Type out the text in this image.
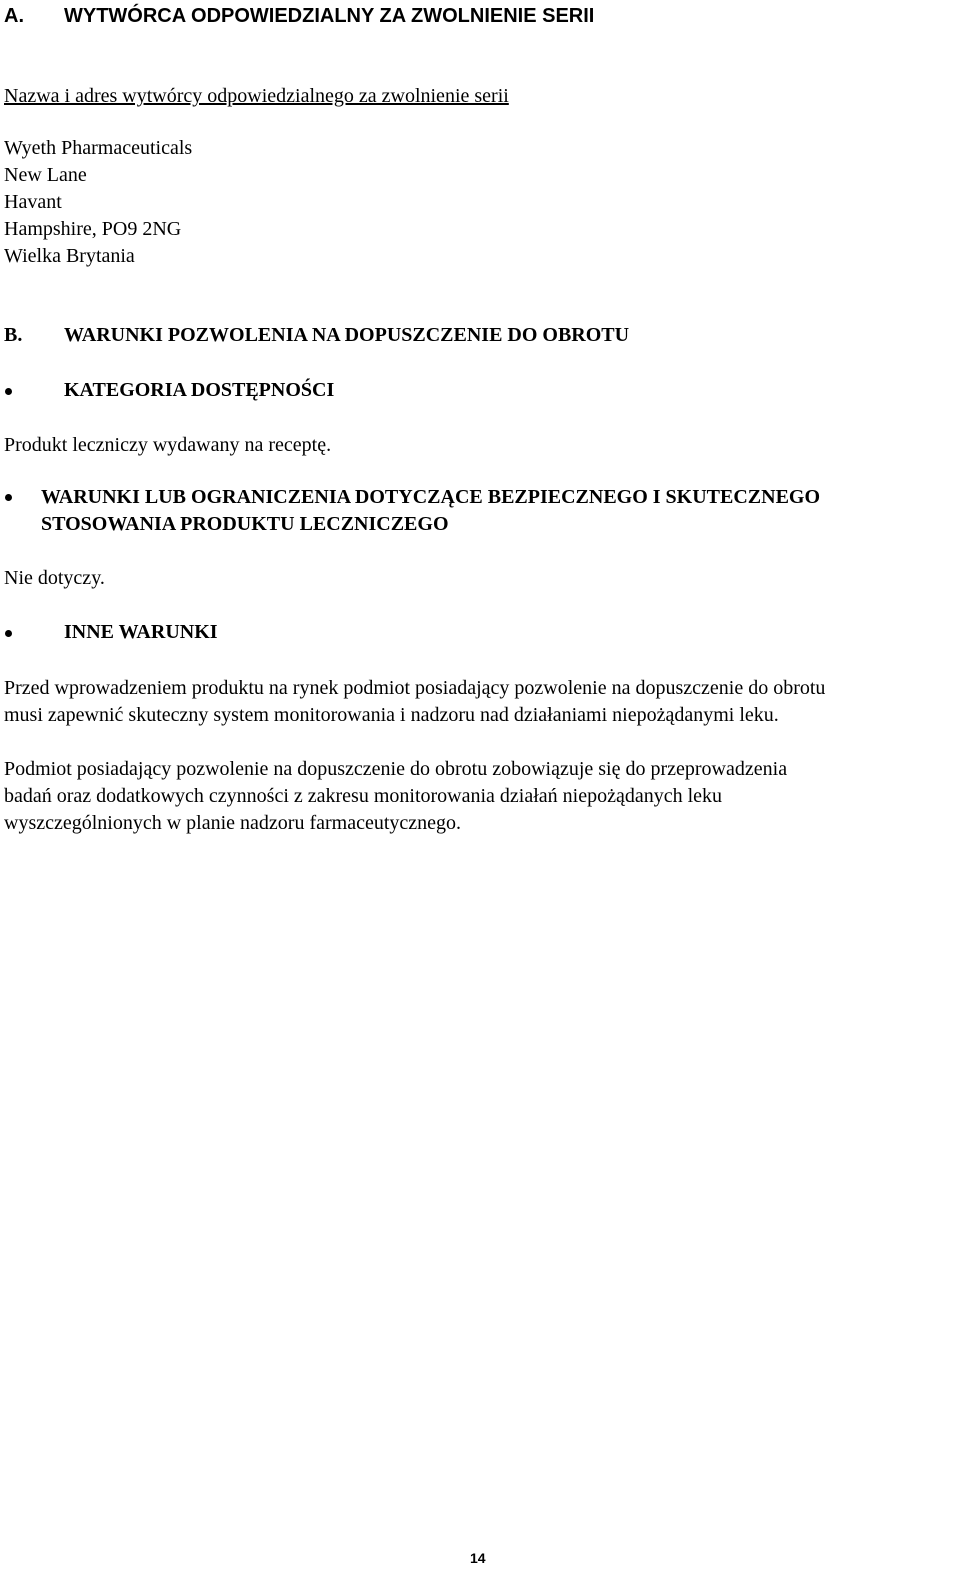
A. WYTWÓRCA ODPOWIEDZIALNY ZA ZWOLNIENIE SERII
Nazwa i adres wytwórcy odpowiedzialnego za zwolnienie serii
Wyeth Pharmaceuticals
New Lane
Havant
Hampshire, PO9 2NG
Wielka Brytania
B. WARUNKI POZWOLENIA NA DOPUSZCZENIE DO OBROTU
KATEGORIA DOSTĘPNOŚCI
Produkt leczniczy wydawany na receptę.
WARUNKI LUB OGRANICZENIA DOTYCZĄCE BEZPIECZNEGO I SKUTECZNEGO
STOSOWANIA PRODUKTU LECZNICZEGO
Nie dotyczy.
INNE WARUNKI
Przed wprowadzeniem produktu na rynek podmiot posiadający pozwolenie na dopuszczenie do obrotu
musi zapewnić skuteczny system monitorowania i nadzoru nad działaniami niepożądanymi leku.
Podmiot posiadający pozwolenie na dopuszczenie do obrotu zobowiązuje się do przeprowadzenia
badań oraz dodatkowych czynności z zakresu monitorowania działań niepożądanych leku
wyszczególnionych w planie nadzoru farmaceutycznego.
14
